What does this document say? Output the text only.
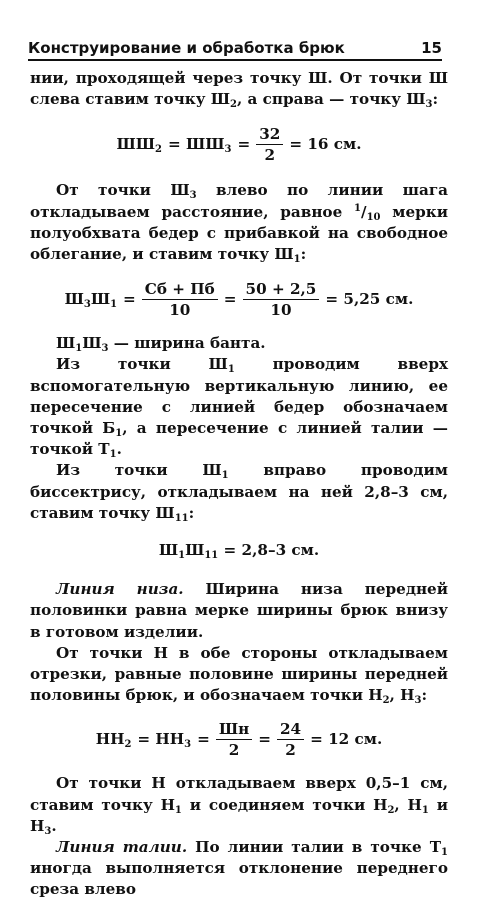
Конструирование и обработка брюк	15

нии, проходящей через точку Ш. От точки Ш слева ставим точку $Ш_2$, а справа — точку $Ш_3$:

$ШШ_2 = ШШ_3 = \frac{32}{2} = 16$ см.

От точки $Ш_3$ влево по линии шага откладываем расстояние, равное $^1/_{10}$ мерки полуобхвата бедер с прибавкой на свободное облегание, и ставим точку $Ш_1$:

$Ш_3Ш_1 = \frac{Сб + Пб}{10} = \frac{50 + 2,5}{10} = 5,25$ см.

$Ш_1Ш_3$ — ширина банта.

Из точки $Ш_1$ проводим вверх вспомогательную вертикальную линию, ее пересечение с линией бедер обозначаем точкой $Б_1$, а пересечение с линией талии — точкой $Т_1$.

Из точки $Ш_1$ вправо проводим биссектрису, откладываем на ней 2,8–3 см, ставим точку $Ш_{11}$:

$Ш_1Ш_{11} = 2,8-3$ см.

Линия низа. Ширина низа передней половинки равна мерке ширины брюк внизу в готовом изделии.

От точки Н в обе стороны откладываем отрезки, равные половине ширины передней половины брюк, и обозначаем точки $Н_2$, $Н_3$:

$НН_2 = НН_3 = \frac{Шн}{2} = \frac{24}{2} = 12$ см.

От точки Н откладываем вверх 0,5–1 см, ставим точку $Н_1$ и соединяем точки $Н_2$, $Н_1$ и $Н_3$.

Линия талии. По линии талии в точке $Т_1$ иногда выполняется отклонение переднего среза влево
